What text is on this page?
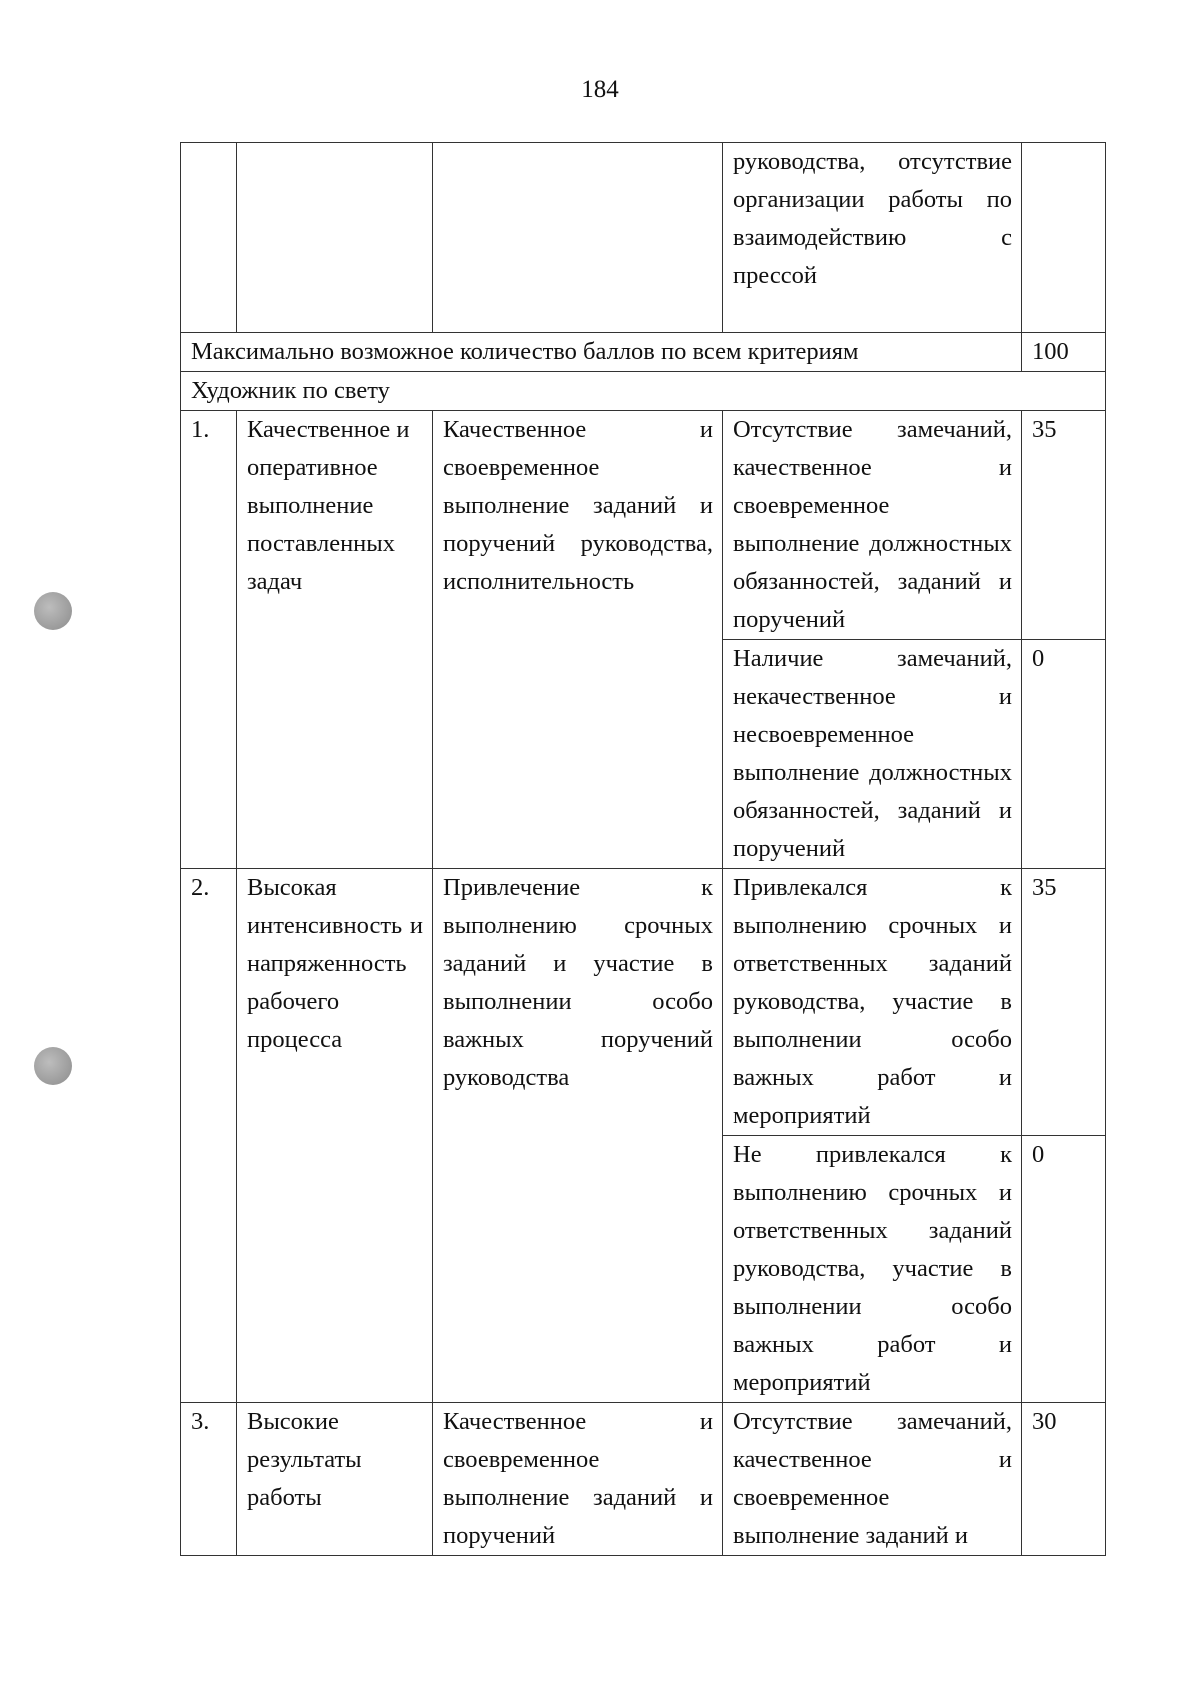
184
			руководства, отсутствие организации работы по взаимодействию с прессой	
Максимально возможное количество баллов по всем критериям				100
Художник по свету				
1.	Качественное и оперативное выполнение поставленных задач	Качественное и своевременное выполнение заданий и поручений руководства, исполнительность	Отсутствие замечаний, качественное и своевременное выполнение должностных обязанностей, заданий и поручений	35
			Наличие замечаний, некачественное и несвоевременное выполнение должностных обязанностей, заданий и поручений	0
2.	Высокая интенсивность и напряженность рабочего процесса	Привлечение к выполнению срочных заданий и участие в выполнении особо важных поручений руководства	Привлекался к выполнению срочных и ответственных заданий руководства, участие в выполнении особо важных работ и мероприятий	35
			Не привлекался к выполнению срочных и ответственных заданий руководства, участие в выполнении особо важных работ и мероприятий	0
3.	Высокие результаты работы	Качественное и своевременное выполнение заданий и поручений	Отсутствие замечаний, качественное и своевременное выполнение заданий и	30
